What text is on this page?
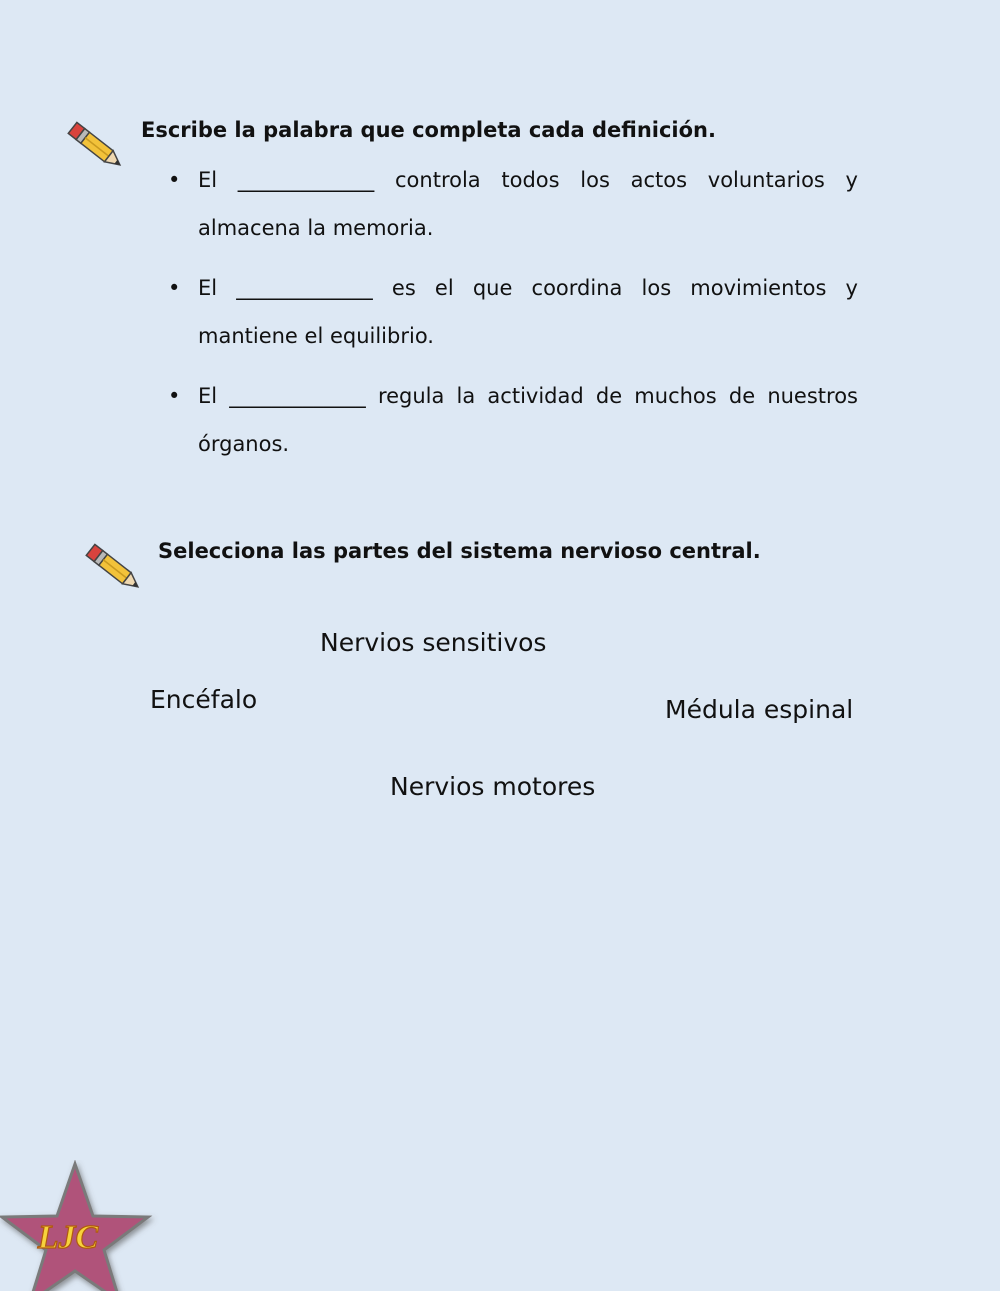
Escribe la palabra que completa cada definición.

• El _____________ controla todos los actos voluntarios y almacena la memoria.
• El _____________ es el que coordina los movimientos y mantiene el equilibrio.
• El _____________ regula la actividad de muchos de nuestros órganos.

Selecciona las partes del sistema nervioso central.

Nervios sensitivos
Encéfalo	Médula espinal
Nervios motores
LJC
